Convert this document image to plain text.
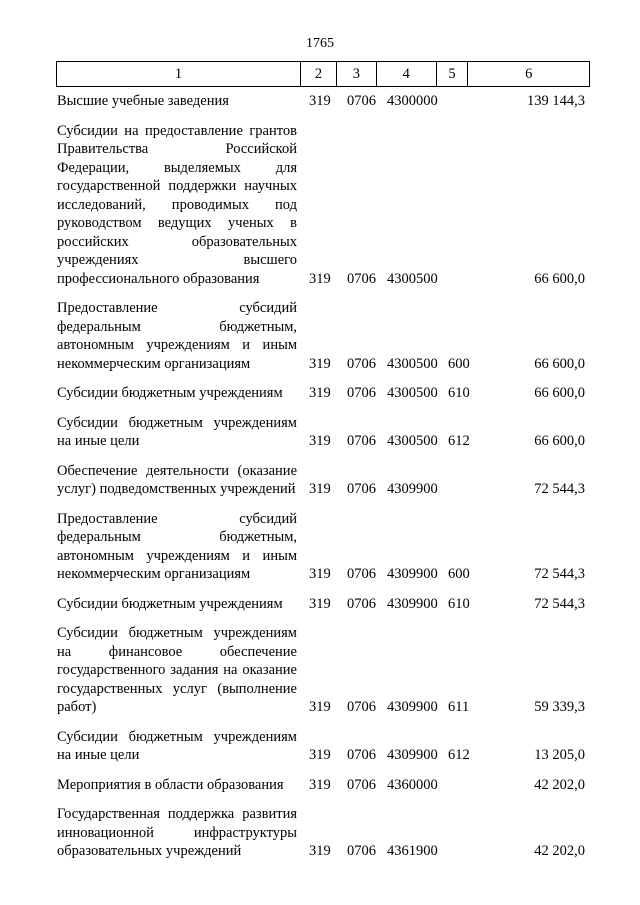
1765
1	2	3	4	5	6
Высшие учебные заведения	319 0706 4300000	139 144,3
Субсидии на предоставление грантов Правительства Российской Федерации, выделяемых для государственной поддержки научных исследований, проводимых под руководством ведущих ученых в российских образовательных учреждениях высшего профессионального образования	319 0706 4300500	66 600,0
Предоставление субсидий федеральным бюджетным, автономным учреждениям и иным некоммерческим организациям	319 0706 4300500 600	66 600,0
Субсидии бюджетным учреждениям	319 0706 4300500 610	66 600,0
Субсидии бюджетным учреждениям на иные цели	319 0706 4300500 612	66 600,0
Обеспечение деятельности (оказание услуг) подведомственных учреждений 319 0706 4309900	72 544,3
Предоставление субсидий федеральным бюджетным, автономным учреждениям и иным некоммерческим организациям	319 0706 4309900 600	72 544,3
Субсидии бюджетным учреждениям	319 0706 4309900 610	72 544,3
Субсидии бюджетным учреждениям на финансовое обеспечение государственного задания на оказание государственных услуг (выполнение работ)	319 0706 4309900 611	59 339,3
Субсидии бюджетным учреждениям на иные цели	319 0706 4309900 612	13 205,0
Мероприятия в области образования	319 0706 4360000	42 202,0
Государственная поддержка развития инновационной инфраструктуры образовательных учреждений	319 0706 4361900	42 202,0
